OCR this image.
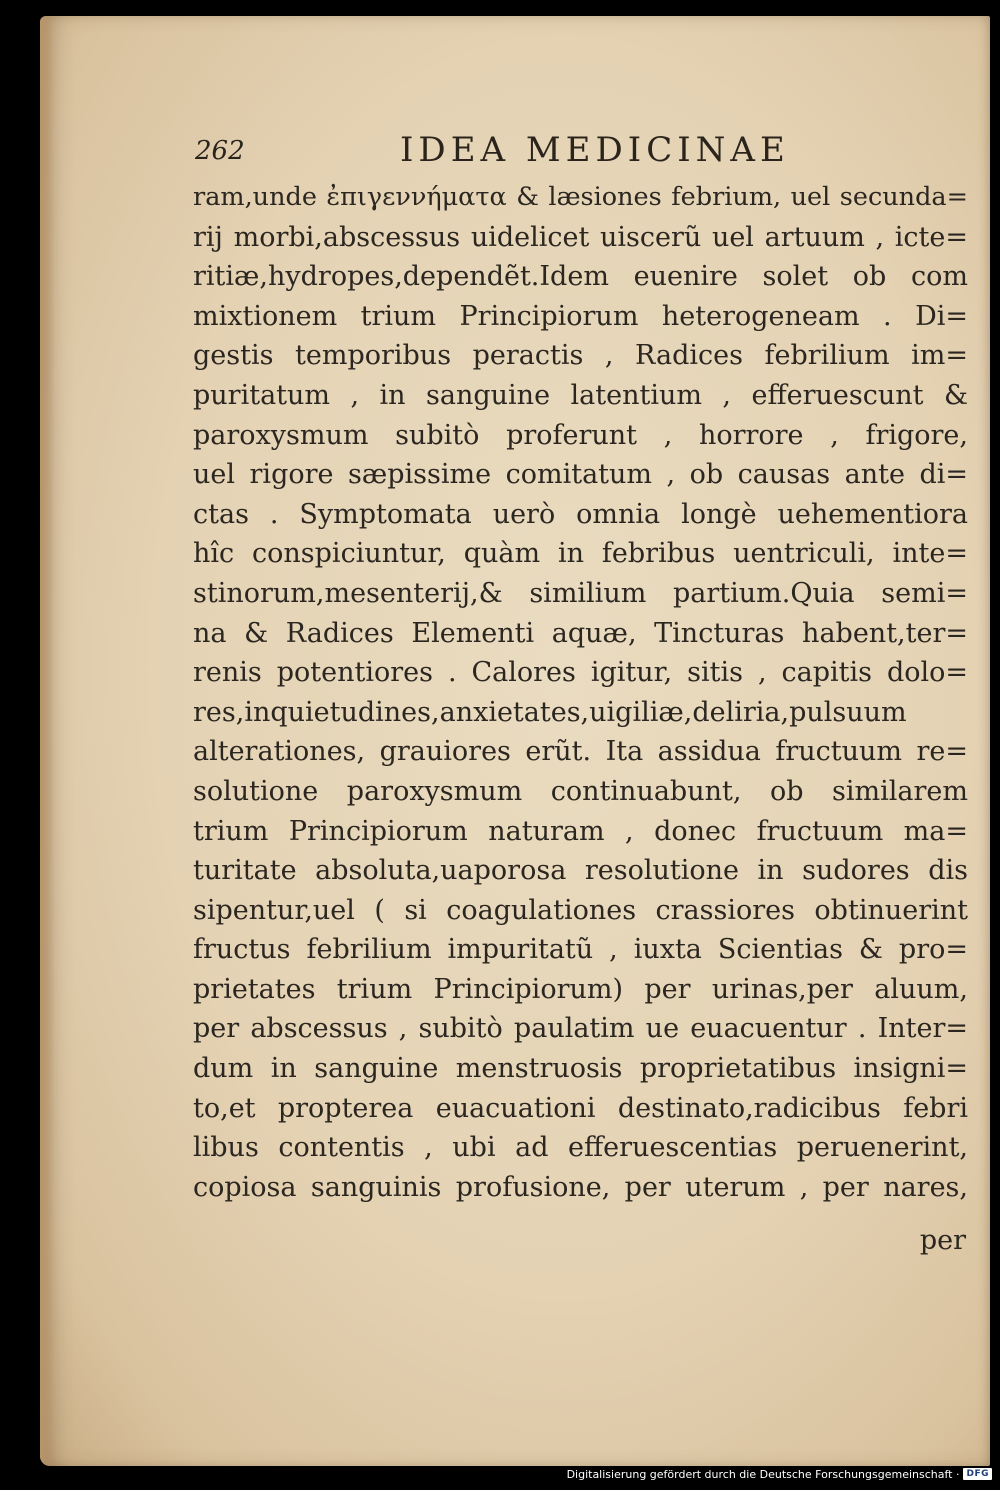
262	IDEA MEDICINAE
ram,unde ἐπιγεννήματα & læsiones febrium, uel secunda=
rij morbi,abscessus uidelicet uiscerũ uel artuum , icte=
ritiæ,hydropes,dependẽt.Idem euenire solet ob com
mixtionem trium Principiorum heterogeneam . Di=
gestis temporibus peractis , Radices febrilium im=
puritatum , in sanguine latentium , efferuescunt &
paroxysmum subitò proferunt , horrore , frigore,
uel rigore sæpissime comitatum , ob causas ante di=
ctas . Symptomata uerò omnia longè uehementiora
hîc conspiciuntur, quàm in febribus uentriculi, inte=
stinorum,mesenterij,& similium partium.Quia semi=
na & Radices Elementi aquæ, Tincturas habent,ter=
renis potentiores . Calores igitur, sitis , capitis dolo=
res,inquietudines,anxietates,uigiliæ,deliria,pulsuum
alterationes, grauiores erũt. Ita assidua fructuum re=
solutione paroxysmum continuabunt, ob similarem
trium Principiorum naturam , donec fructuum ma=
turitate absoluta,uaporosa resolutione in sudores dis
sipentur,uel ( si coagulationes crassiores obtinuerint
fructus febrilium impuritatũ , iuxta Scientias & pro=
prietates trium Principiorum) per urinas,per aluum,
per abscessus , subitò paulatim ue euacuentur . Inter=
dum in sanguine menstruosis proprietatibus insigni=
to,et propterea euacuationi destinato,radicibus febri
libus contentis , ubi ad efferuescentias peruenerint,
copiosa sanguinis profusione, per uterum , per nares,
per
Digitalisierung gefördert durch die Deutsche Forschungsgemeinschaft · DFG
